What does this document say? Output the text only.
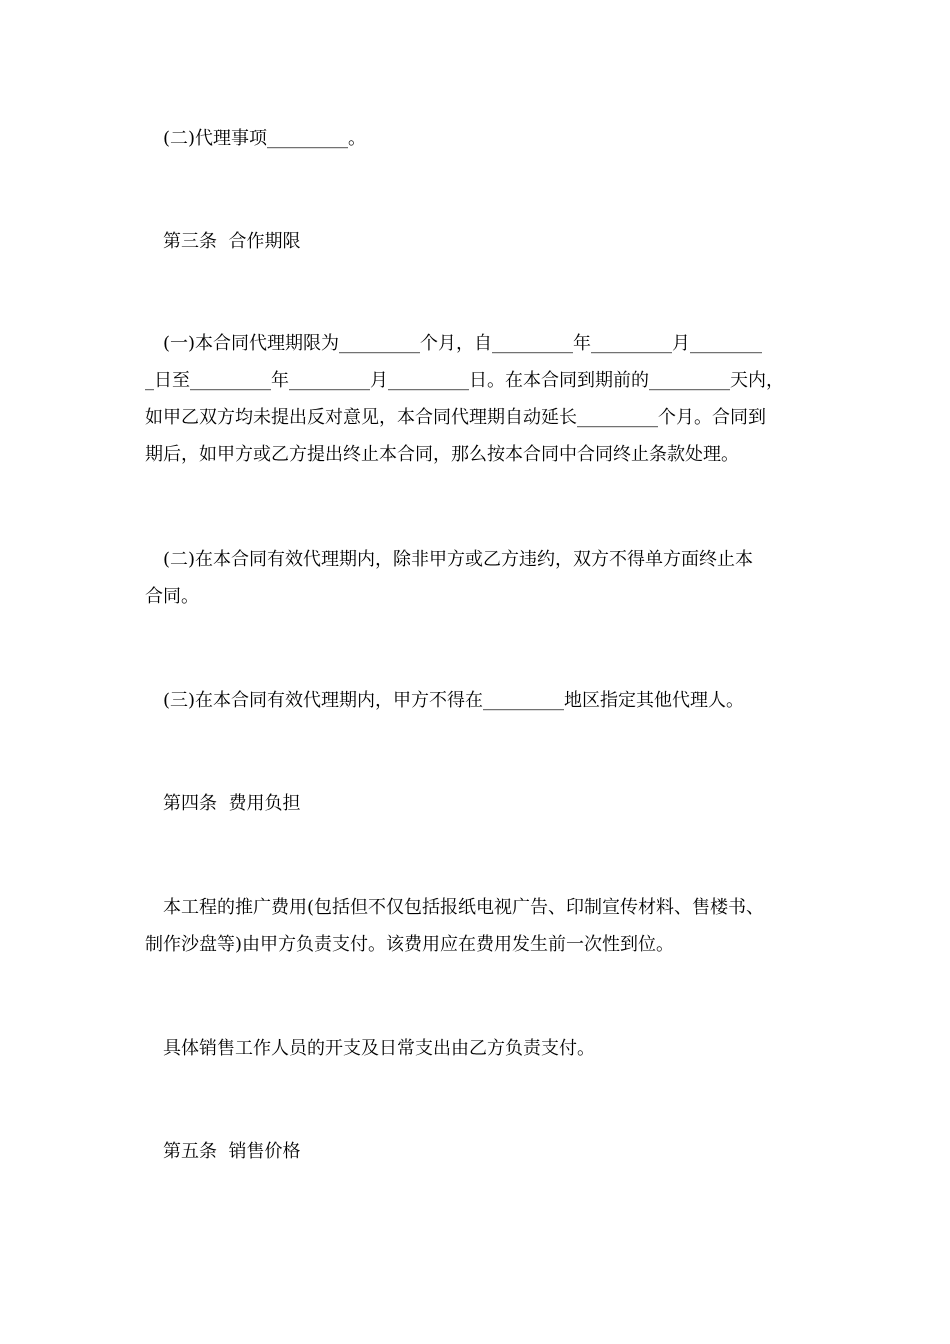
(二)代理事项_________。

第三条  合作期限

(一)本合同代理期限为_________个月，自_________年_________月________

_日至_________年_________月_________日。在本合同到期前的_________天内，

如甲乙双方均未提出反对意见，本合同代理期自动延长_________个月。合同到

期后，如甲方或乙方提出终止本合同，那么按本合同中合同终止条款处理。

(二)在本合同有效代理期内，除非甲方或乙方违约，双方不得单方面终止本

合同。

(三)在本合同有效代理期内，甲方不得在_________地区指定其他代理人。

第四条  费用负担

本工程的推广费用(包括但不仅包括报纸电视广告、印制宣传材料、售楼书、

制作沙盘等)由甲方负责支付。该费用应在费用发生前一次性到位。

具体销售工作人员的开支及日常支出由乙方负责支付。

第五条  销售价格
